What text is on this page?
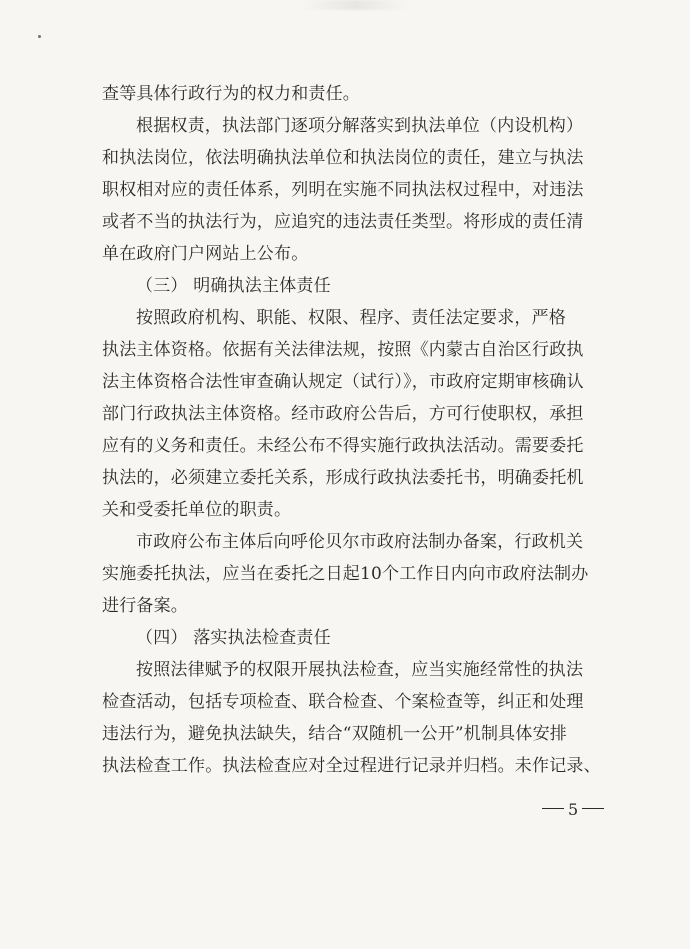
查等具体行政行为的权力和责任。
根据权责，执法部门逐项分解落实到执法单位（内设机构）
和执法岗位，依法明确执法单位和执法岗位的责任，建立与执法
职权相对应的责任体系，列明在实施不同执法权过程中，对违法
或者不当的执法行为，应追究的违法责任类型。将形成的责任清
单在政府门户网站上公布。
（三） 明确执法主体责任
按照政府机构、职能、权限、程序、责任法定要求，严格
执法主体资格。依据有关法律法规，按照《内蒙古自治区行政执
法主体资格合法性审查确认规定（试行）》，市政府定期审核确认
部门行政执法主体资格。经市政府公告后，方可行使职权，承担
应有的义务和责任。未经公布不得实施行政执法活动。需要委托
执法的，必须建立委托关系，形成行政执法委托书，明确委托机
关和受委托单位的职责。
市政府公布主体后向呼伦贝尔市政府法制办备案，行政机关
实施委托执法，应当在委托之日起10个工作日内向市政府法制办
进行备案。
（四） 落实执法检查责任
按照法律赋予的权限开展执法检查，应当实施经常性的执法
检查活动，包括专项检查、联合检查、个案检查等，纠正和处理
违法行为，避免执法缺失，结合“双随机一公开”机制具体安排
执法检查工作。执法检查应对全过程进行记录并归档。未作记录、
5
